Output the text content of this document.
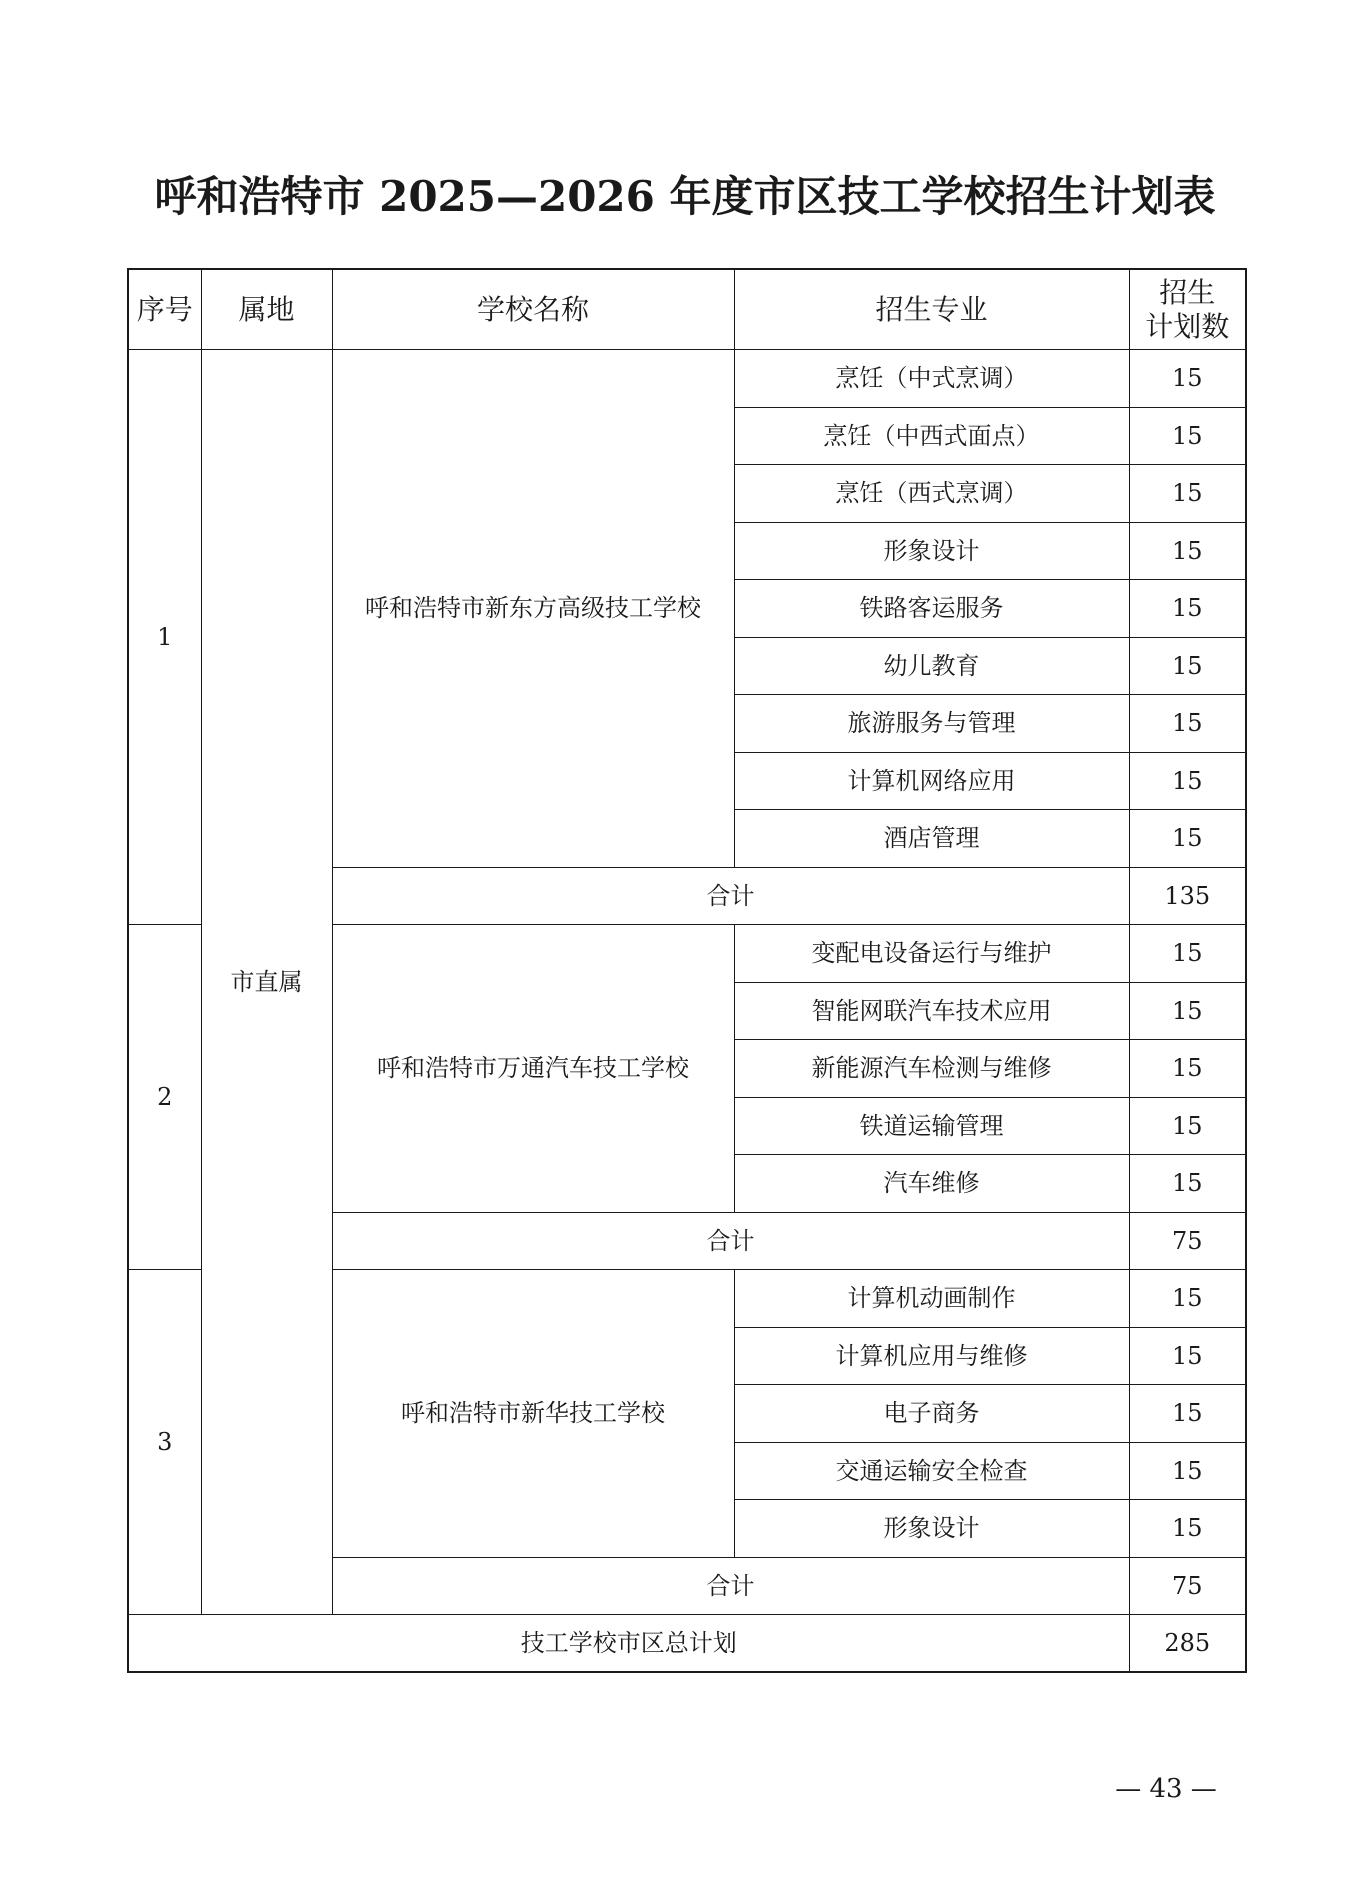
呼和浩特市 2025—2026 年度市区技工学校招生计划表
序号	属地	学校名称	招生专业	招生
计划数

1	市直属	呼和浩特市新东方高级技工学校	烹饪（中式烹调）	15
			烹饪（中西式面点）	15
			烹饪（西式烹调）	15
			形象设计	15
			铁路客运服务	15
			幼儿教育	15
			旅游服务与管理	15
			计算机网络应用	15
			酒店管理	15
		合计		135
2		呼和浩特市万通汽车技工学校	变配电设备运行与维护	15
			智能网联汽车技术应用	15
			新能源汽车检测与维修	15
			铁道运输管理	15
			汽车维修	15
		合计		75
3		呼和浩特市新华技工学校	计算机动画制作	15
			计算机应用与维修	15
			电子商务	15
			交通运输安全检查	15
			形象设计	15
		合计		75
技工学校市区总计划				285
— 43 —
